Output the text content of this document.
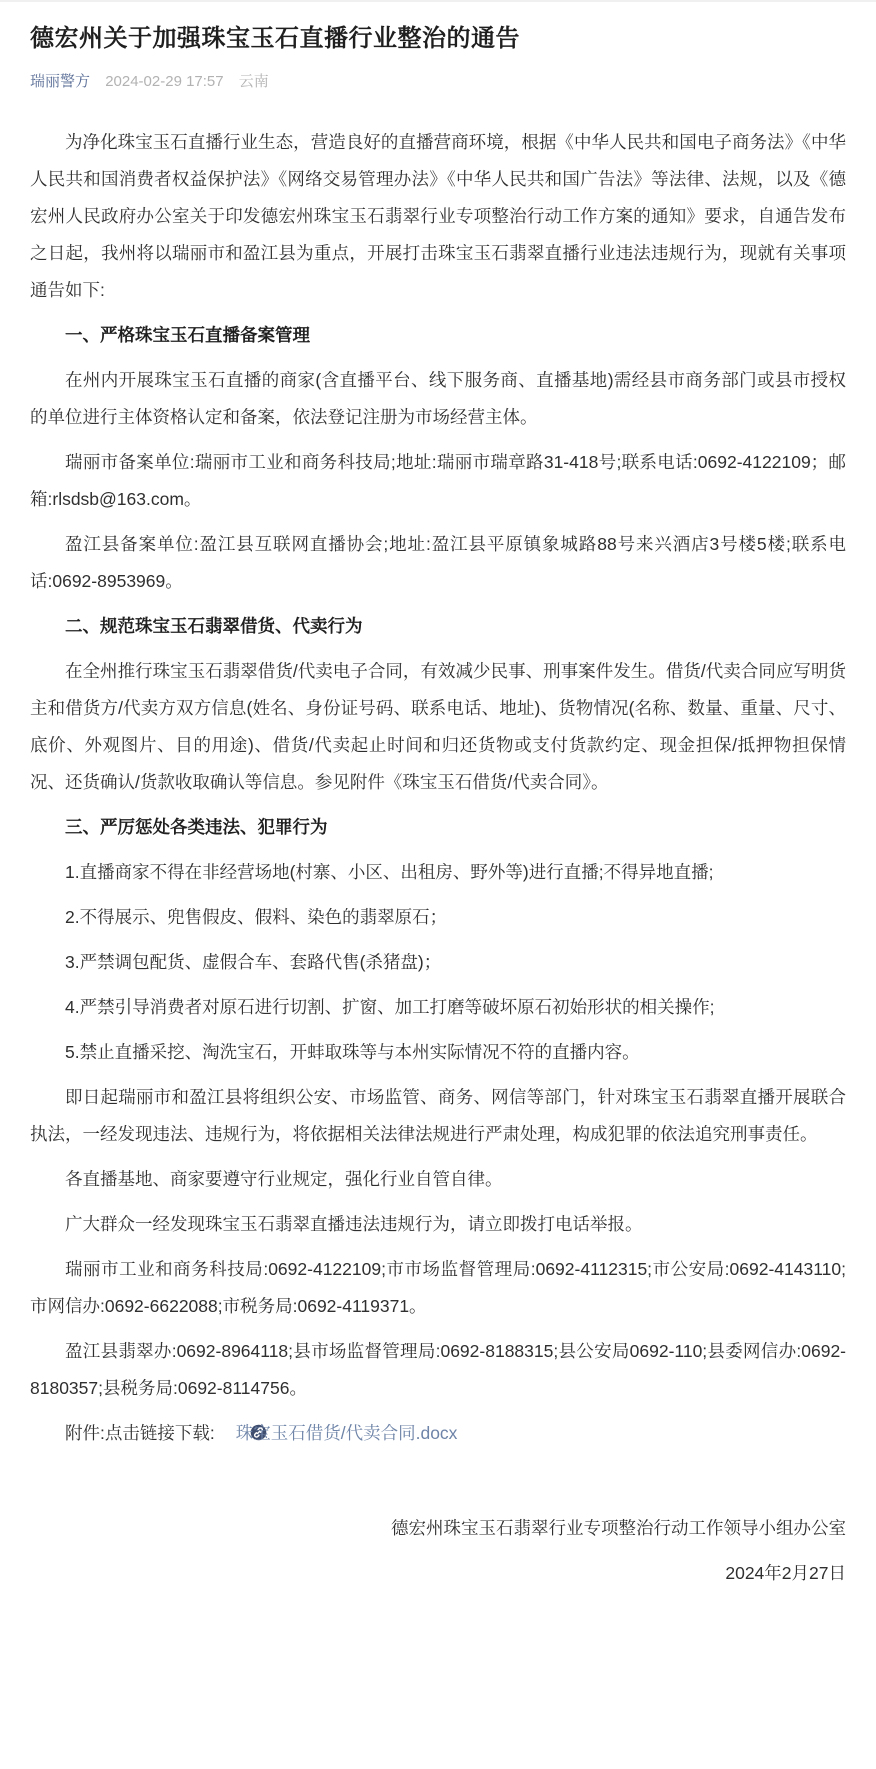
德宏州关于加强珠宝玉石直播行业整治的通告
瑞丽警方 2024-02-29 17:57 云南

为净化珠宝玉石直播行业生态，营造良好的直播营商环境，根据《中华人民共和国电子商务法》《中华人民共和国消费者权益保护法》《网络交易管理办法》《中华人民共和国广告法》等法律、法规，以及《德宏州人民政府办公室关于印发德宏州珠宝玉石翡翠行业专项整治行动工作方案的通知》要求，自通告发布之日起，我州将以瑞丽市和盈江县为重点，开展打击珠宝玉石翡翠直播行业违法违规行为，现就有关事项通告如下:

一、严格珠宝玉石直播备案管理

在州内开展珠宝玉石直播的商家(含直播平台、线下服务商、直播基地)需经县市商务部门或县市授权的单位进行主体资格认定和备案，依法登记注册为市场经营主体。

瑞丽市备案单位:瑞丽市工业和商务科技局;地址:瑞丽市瑞章路31-418号;联系电话:0692-4122109；邮箱:rlsdsb@163.com。

盈江县备案单位:盈江县互联网直播协会;地址:盈江县平原镇象城路88号来兴酒店3号楼5楼;联系电话:0692-8953969。

二、规范珠宝玉石翡翠借货、代卖行为

在全州推行珠宝玉石翡翠借货/代卖电子合同，有效减少民事、刑事案件发生。借货/代卖合同应写明货主和借货方/代卖方双方信息(姓名、身份证号码、联系电话、地址)、货物情况(名称、数量、重量、尺寸、底价、外观图片、目的用途)、借货/代卖起止时间和归还货物或支付货款约定、现金担保/抵押物担保情况、还货确认/货款收取确认等信息。参见附件《珠宝玉石借货/代卖合同》。

三、严厉惩处各类违法、犯罪行为

1.直播商家不得在非经营场地(村寨、小区、出租房、野外等)进行直播;不得异地直播;

2.不得展示、兜售假皮、假料、染色的翡翠原石；

3.严禁调包配货、虚假合车、套路代售(杀猪盘)；

4.严禁引导消费者对原石进行切割、扩窗、加工打磨等破坏原石初始形状的相关操作;

5.禁止直播采挖、淘洗宝石，开蚌取珠等与本州实际情况不符的直播内容。

即日起瑞丽市和盈江县将组织公安、市场监管、商务、网信等部门，针对珠宝玉石翡翠直播开展联合执法，一经发现违法、违规行为，将依据相关法律法规进行严肃处理，构成犯罪的依法追究刑事责任。

各直播基地、商家要遵守行业规定，强化行业自管自律。

广大群众一经发现珠宝玉石翡翠直播违法违规行为，请立即拨打电话举报。

瑞丽市工业和商务科技局:0692-4122109;市市场监督管理局:0692-4112315;市公安局:0692-4143110;市网信办:0692-6622088;市税务局:0692-4119371。

盈江县翡翠办:0692-8964118;县市场监督管理局:0692-8188315;县公安局0692-110;县委网信办:0692-8180357;县税务局:0692-8114756。

附件:点击链接下载: 珠宝玉石借货/代卖合同.docx

德宏州珠宝玉石翡翠行业专项整治行动工作领导小组办公室

2024年2月27日
